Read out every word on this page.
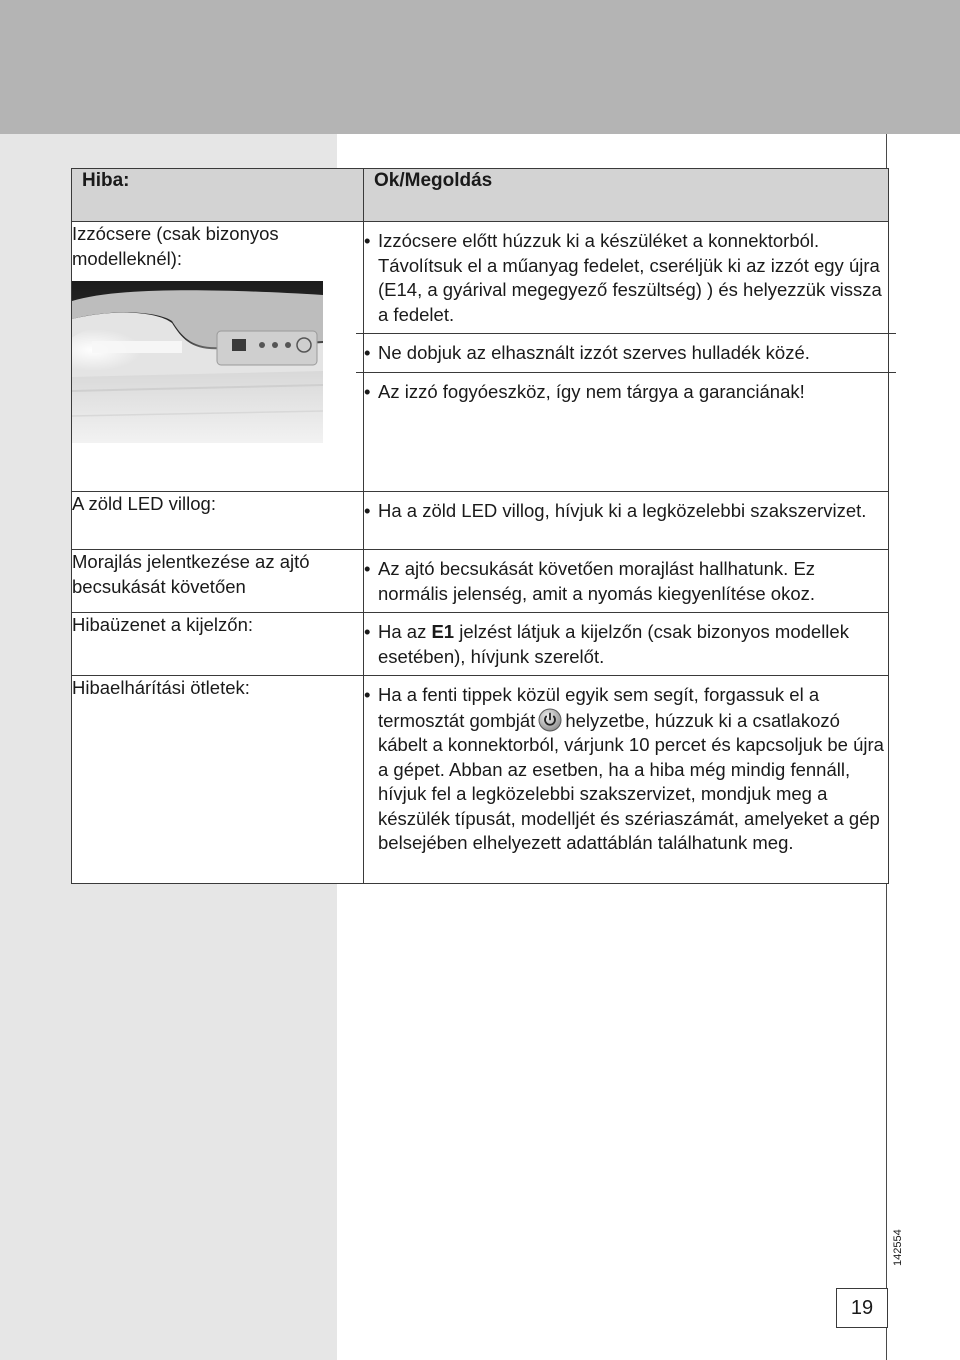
Hiba:	Ok/Megoldás

Izzócsere (csak bizonyos modelleknél):	• Izzócsere előtt húzzuk ki a készüléket a konnektorból. Távolítsuk el a műanyag fedelet, cseréljük ki az izzót egy újra (E14, a gyárival megegyező feszültség) ) és helyezzük vissza a fedelet.
• Ne dobjuk az elhasznált izzót szerves hulladék közé.
• Az izzó fogyóeszköz, így nem tárgya a garanciának!

A zöld LED villog:	• Ha a zöld LED villog, hívjuk ki a legközelebbi szakszervizet.

Morajlás jelentkezése az ajtó becsukását követően	• Az ajtó becsukását követően morajlást hallhatunk. Ez normális jelenség, amit a nyomás kiegyenlítése okoz.

Hibaüzenet a kijelzőn:	• Ha az E1 jelzést látjuk a kijelzőn (csak bizonyos modellek esetében), hívjunk szerelőt.

Hibaelhárítási ötletek:	• Ha a fenti tippek közül egyik sem segít, forgassuk el a termosztát gombját helyzetbe, húzzuk ki a csatlakozó kábelt a konnektorból, várjunk 10 percet és kapcsoljuk be újra a gépet. Abban az esetben, ha a hiba még mindig fennáll, hívjuk fel a legközelebbi szakszervizet, mondjuk meg a készülék típusát, modelljét és szériaszámát, amelyeket a gép belsejében elhelyezett adattáblán találhatunk meg.
142554
19
